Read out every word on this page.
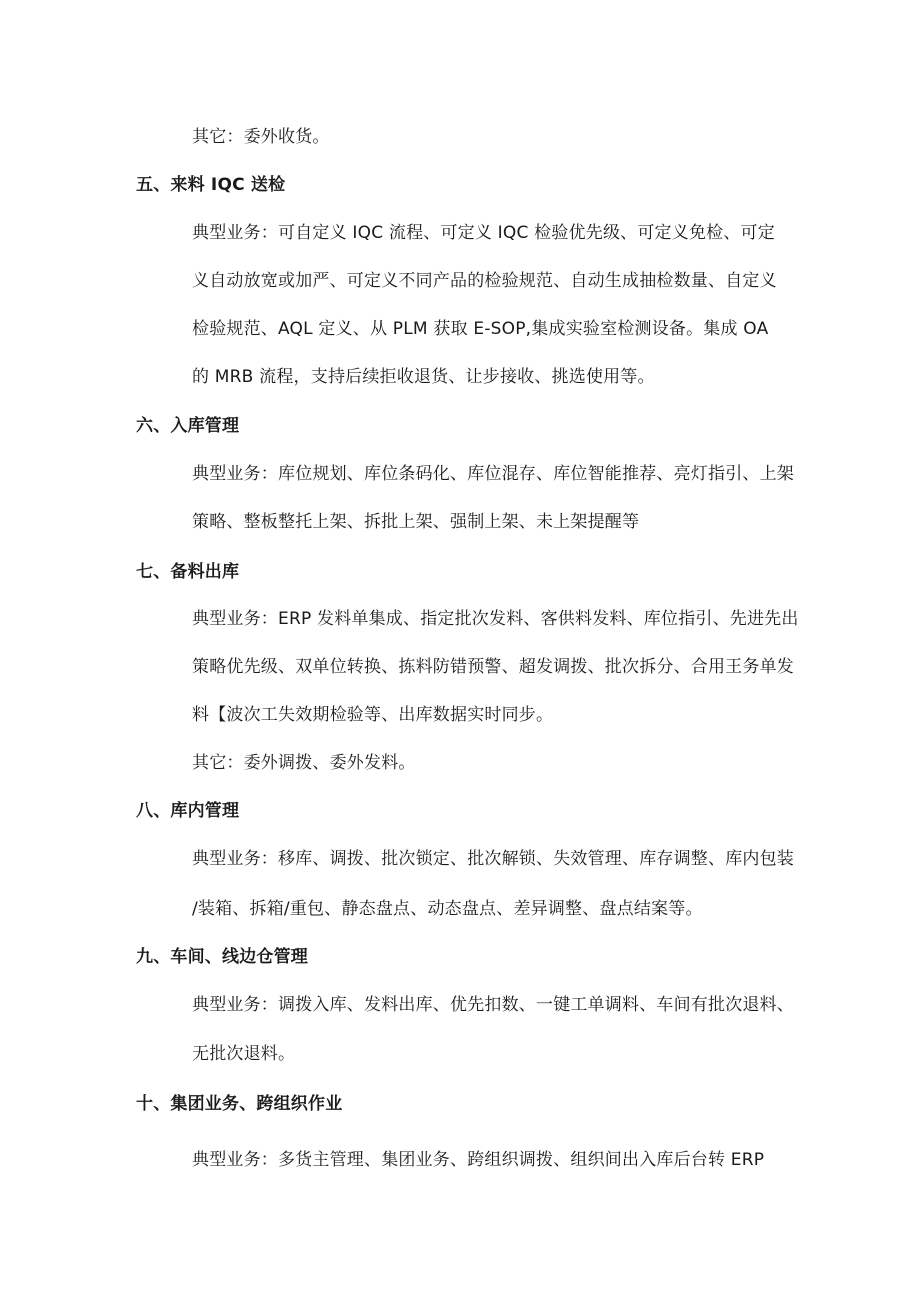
其它：委外收货。
五、来料 IQC 送检
典型业务：可自定义 IQC 流程、可定义 IQC 检验优先级、可定义免检、可定
义自动放宽或加严、可定义不同产品的检验规范、自动生成抽检数量、自定义
检验规范、AQL 定义、从 PLM 获取 E-SOP,集成实验室检测设备。集成 OA
的 MRB 流程，支持后续拒收退货、让步接收、挑选使用等。
六、入库管理
典型业务：库位规划、库位条码化、库位混存、库位智能推荐、亮灯指引、上架
策略、整板整托上架、拆批上架、强制上架、未上架提醒等
七、备料出库
典型业务：ERP 发料单集成、指定批次发料、客供料发料、库位指引、先进先出
策略优先级、双单位转换、拣料防错预警、超发调拨、批次拆分、合用王务单发
料【波次工失效期检验等、出库数据实时同步。
其它：委外调拨、委外发料。
八、库内管理
典型业务：移库、调拨、批次锁定、批次解锁、失效管理、库存调整、库内包装
/装箱、拆箱/重包、静态盘点、动态盘点、差异调整、盘点结案等。
九、车间、线边仓管理
典型业务：调拨入库、发料出库、优先扣数、一键工单调料、车间有批次退料、
无批次退料。
十、集团业务、跨组织作业
典型业务：多货主管理、集团业务、跨组织调拨、组织间出入库后台转 ERP
